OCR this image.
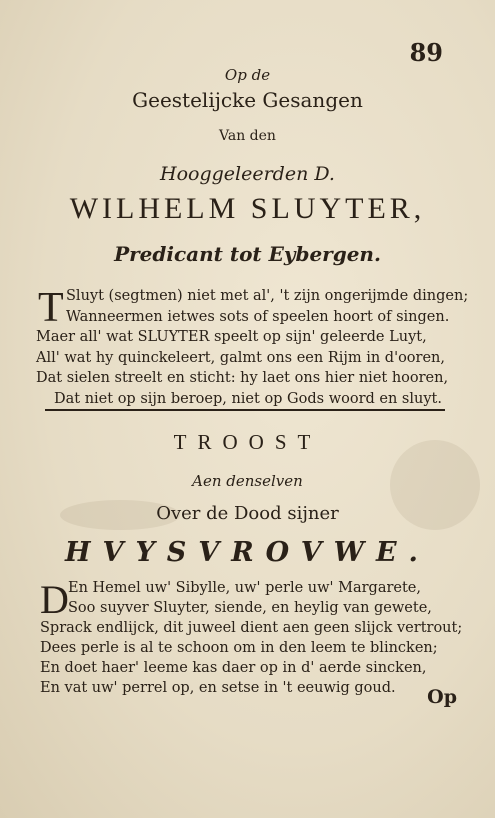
89
Op de
Geestelijcke Gesangen
Van den
Hooggeleerden D.
WILHELM SLUYTER,
Predicant tot Eybergen.
T Sluyt (segtmen) niet met al', 't zijn ongerijmde dingen;
Wanneermen ietwes sots of speelen hoort of singen.
Maer all' wat SLUYTER speelt op sijn' geleerde Luyt,
All' wat hy quinckeleert, galmt ons een Rijm in d'ooren,
Dat sielen streelt en sticht: hy laet ons hier niet hooren,
Dat niet op sijn beroep, niet op Gods woord en sluyt.
TROOST
Aen denselven
Over de Dood sijner
HVYSVROVWE.
D En Hemel uw' Sibylle, uw' perle uw' Margarete,
Soo suyver Sluyter, siende, en heylig van gewete,
Sprack endlijck, dit juweel dient aen geen slijck vertrout;
Dees perle is al te schoon om in den leem te blincken;
En doet haer' leeme kas daer op in d' aerde sincken,
En vat uw' perrel op, en setse in 't eeuwig goud.	Op
